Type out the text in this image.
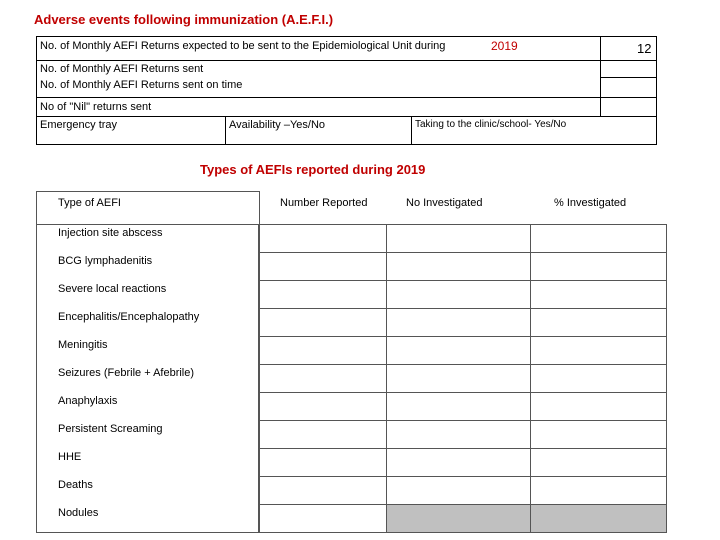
Adverse events following immunization (A.E.F.I.)
No. of Monthly AEFI Returns expected to be sent to the Epidemiological Unit during	2019	12
No. of Monthly AEFI Returns sent
No. of Monthly AEFI Returns sent on time
No of "Nil" returns sent
Emergency tray	Availability –Yes/No	Taking to the clinic/school- Yes/No
Types of AEFIs reported during 2019
Type of AEFI	Number Reported	No Investigated	% Investigated
Injection site abscess
BCG lymphadenitis
Severe local reactions
Encephalitis/Encephalopathy
Meningitis
Seizures (Febrile + Afebrile)
Anaphylaxis
Persistent Screaming
HHE
Deaths
Nodules
